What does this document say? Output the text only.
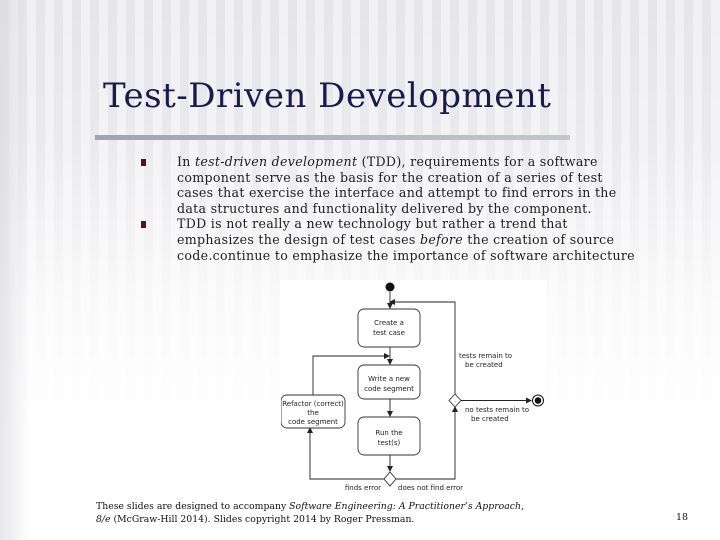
Test-Driven Development
In test-driven development (TDD), requirements for a software component serve as the basis for the creation of a series of test cases that exercise the interface and attempt to find errors in the data structures and functionality delivered by the component.
TDD is not really a new technology but rather a trend that emphasizes the design of test cases before the creation of source code.continue to emphasize the importance of software architecture
Create a
test case
Write a new
code segment
Run the
test(s)
finds error does not find error
Refactor (correct)
the
code segment
tests remain to
be created
no tests remain to
be created
These slides are designed to accompany Software Engineering: A Practitioner’s Approach,
8/e (McGraw-Hill 2014). Slides copyright 2014 by Roger Pressman.	18
